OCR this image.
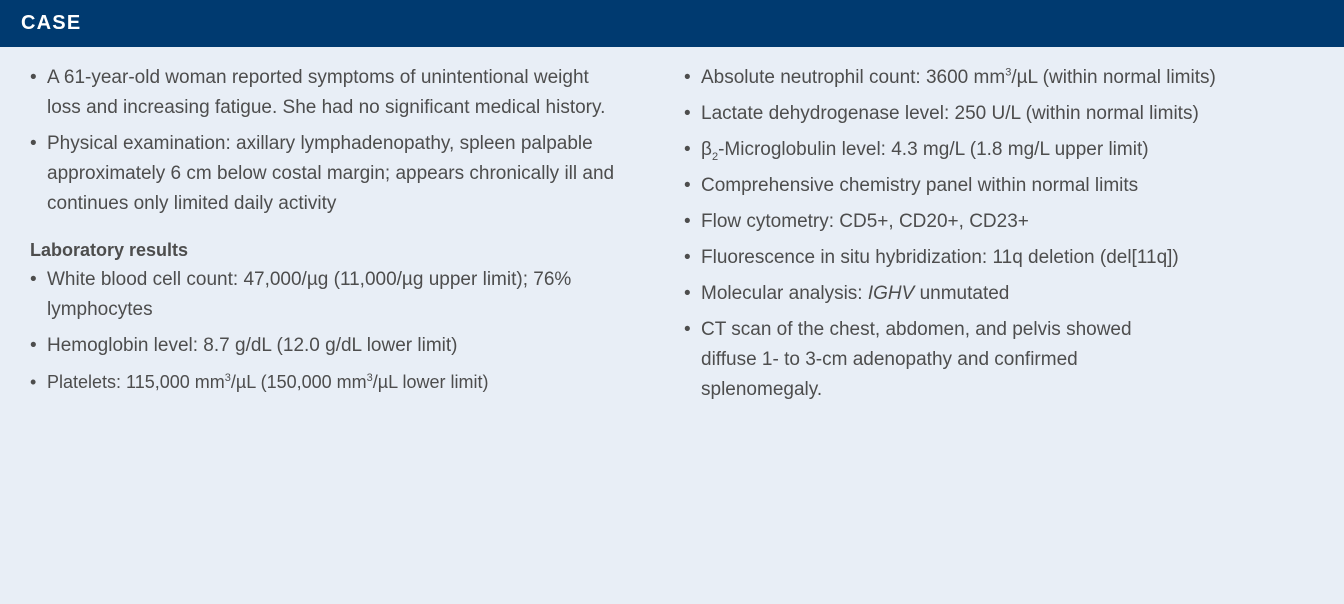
CASE
• A 61-year-old woman reported symptoms of unintentional weight loss and increasing fatigue. She had no significant medical history.
• Physical examination: axillary lymphadenopathy, spleen palpable approximately 6 cm below costal margin; appears chronically ill and continues only limited daily activity
Laboratory results
• White blood cell count: 47,000/µg (11,000/µg upper limit); 76% lymphocytes
• Hemoglobin level: 8.7 g/dL (12.0 g/dL lower limit)
• Platelets: 115,000 $mm^3/\mu L$ (150,000 $mm^3/\mu L$ lower limit)
• Absolute neutrophil count: 3600 $mm^3/\mu L$ (within normal limits)
• Lactate dehydrogenase level: 250 U/L (within normal limits)
• $\beta_2$-Microglobulin level: 4.3 mg/L (1.8 mg/L upper limit)
• Comprehensive chemistry panel within normal limits
• Flow cytometry: CD5+, CD20+, CD23+
• Fluorescence in situ hybridization: 11q deletion (del[11q])
• Molecular analysis: IGHV unmutated
• CT scan of the chest, abdomen, and pelvis showed diffuse 1- to 3-cm adenopathy and confirmed splenomegaly.
